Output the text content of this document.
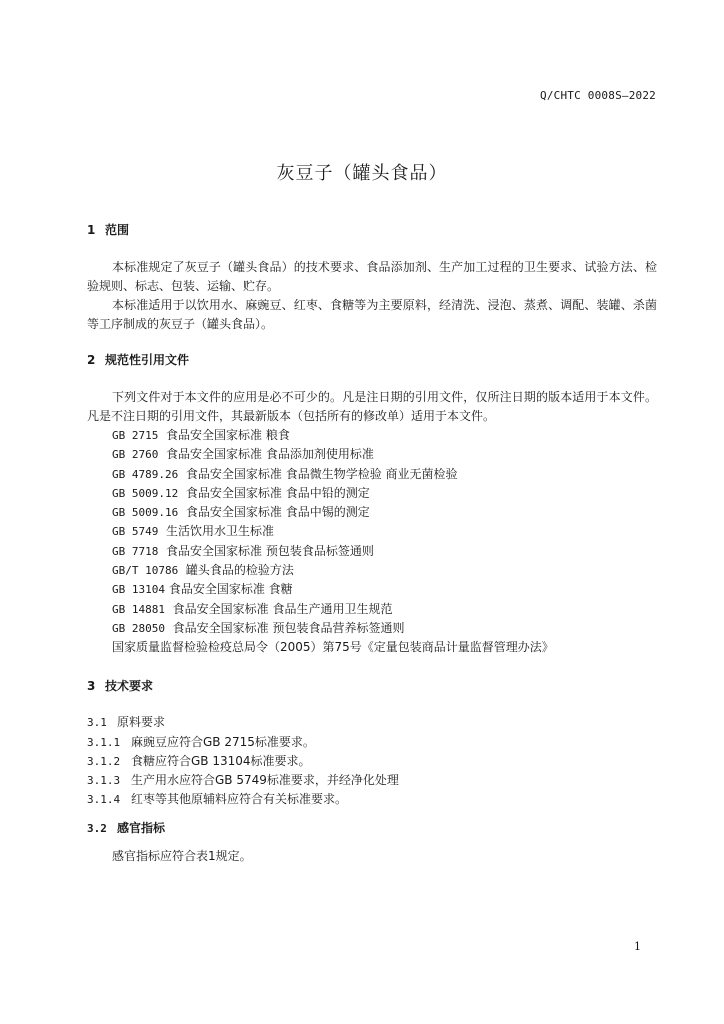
Q/CHTC 0008S—2022
灰豆子（罐头食品）
1 范围
本标准规定了灰豆子（罐头食品）的技术要求、食品添加剂、生产加工过程的卫生要求、试验方法、检验规则、标志、包装、运输、贮存。
本标准适用于以饮用水、麻豌豆、红枣、食糖等为主要原料，经清洗、浸泡、蒸煮、调配、装罐、杀菌等工序制成的灰豆子（罐头食品）。
2 规范性引用文件
下列文件对于本文件的应用是必不可少的。凡是注日期的引用文件，仅所注日期的版本适用于本文件。凡是不注日期的引用文件，其最新版本（包括所有的修改单）适用于本文件。
GB 2715 食品安全国家标准 粮食
GB 2760 食品安全国家标准 食品添加剂使用标准
GB 4789.26 食品安全国家标准 食品微生物学检验 商业无菌检验
GB 5009.12 食品安全国家标准 食品中铅的测定
GB 5009.16 食品安全国家标准 食品中锡的测定
GB 5749 生活饮用水卫生标准
GB 7718 食品安全国家标准 预包装食品标签通则
GB/T 10786 罐头食品的检验方法
GB 13104 食品安全国家标准 食糖
GB 14881 食品安全国家标准 食品生产通用卫生规范
GB 28050 食品安全国家标准 预包装食品营养标签通则
国家质量监督检验检疫总局令（2005）第75号《定量包装商品计量监督管理办法》
3 技术要求
3.1 原料要求
3.1.1 麻豌豆应符合GB 2715标准要求。
3.1.2 食糖应符合GB 13104标准要求。
3.1.3 生产用水应符合GB 5749标准要求，并经净化处理
3.1.4 红枣等其他原辅料应符合有关标准要求。
3.2 感官指标
感官指标应符合表1规定。
1
